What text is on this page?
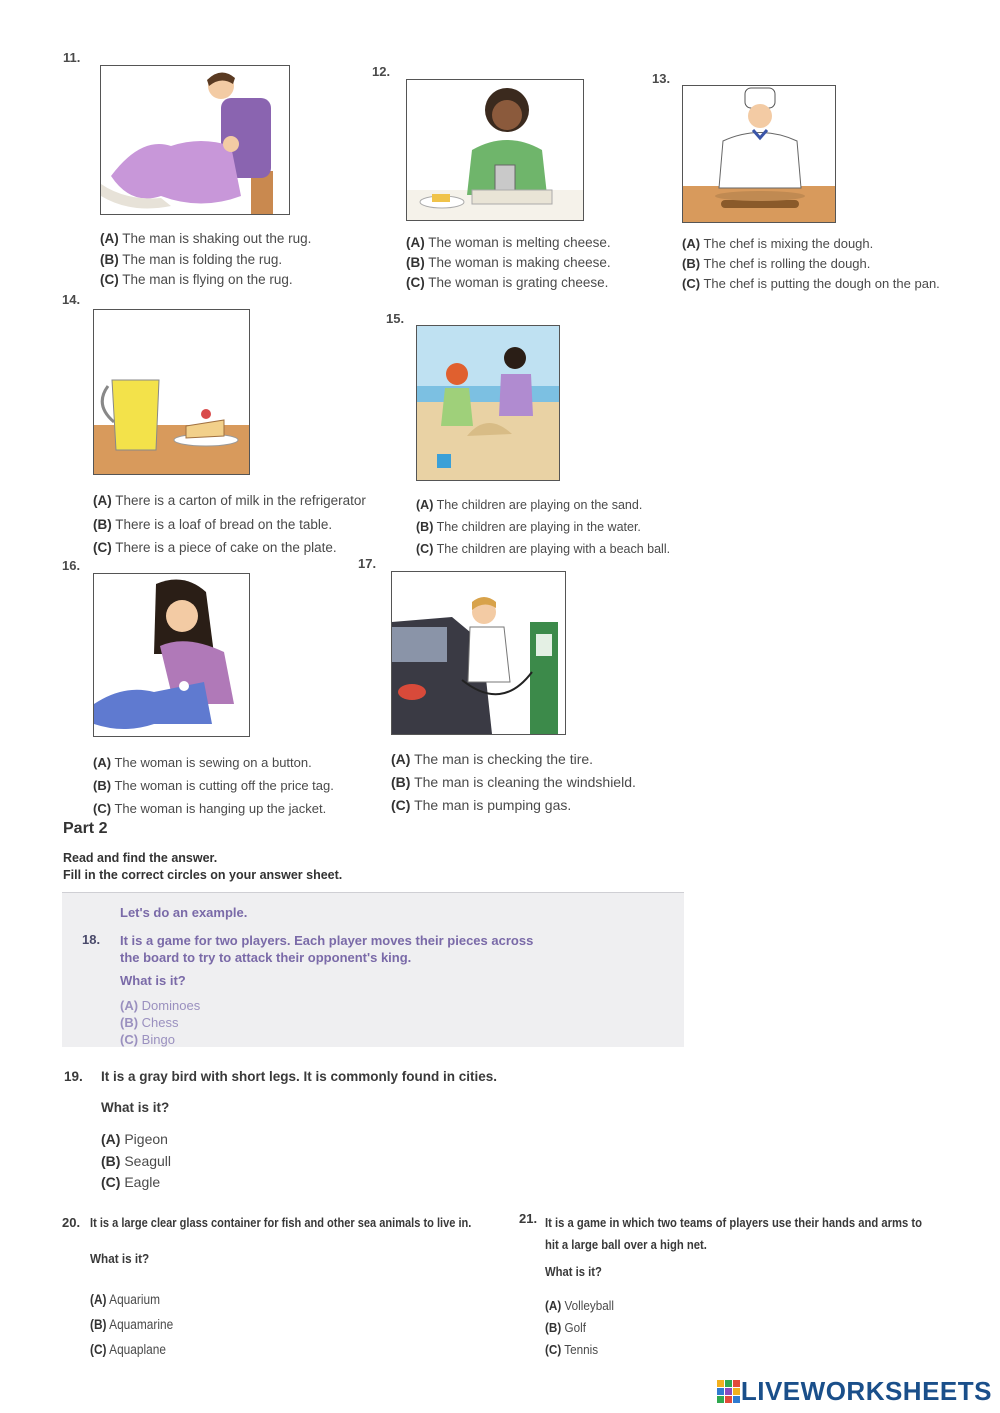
11.
(A) The man is shaking out the rug.
(B) The man is folding the rug.
(C) The man is flying on the rug.
12.
(A) The woman is melting cheese.
(B) The woman is making cheese.
(C) The woman is grating cheese.
13.
(A) The chef is mixing the dough.
(B) The chef is rolling the dough.
(C) The chef is putting the dough on the pan.
14.
(A) There is a carton of milk in the refrigerator
(B) There is a loaf of bread on the table.
(C) There is a piece of cake on the plate.
15.
(A) The children are playing on the sand.
(B) The children are playing in the water.
(C) The children are playing with a beach ball.
16.
(A) The woman is sewing on a button.
(B) The woman is cutting off the price tag.
(C) The woman is hanging up the jacket.
17.
(A) The man is checking the tire.
(B) The man is cleaning the windshield.
(C) The man is pumping gas.
Part 2
Read and find the answer.
Fill in the correct circles on your answer sheet.
Let's do an example.
18. It is a game for two players. Each player moves their pieces across
the board to try to attack their opponent's king.
What is it?
(A) Dominoes
(B) Chess
(C) Bingo
19. It is a gray bird with short legs. It is commonly found in cities.
What is it?
(A) Pigeon
(B) Seagull
(C) Eagle
20. It is a large clear glass container for fish and other sea animals to live in.
What is it?
(A) Aquarium
(B) Aquamarine
(C) Aquaplane
21. It is a game in which two teams of players use their hands and arms to
hit a large ball over a high net.
What is it?
(A) Volleyball
(B) Golf
(C) Tennis
LIVEWORKSHEETS
